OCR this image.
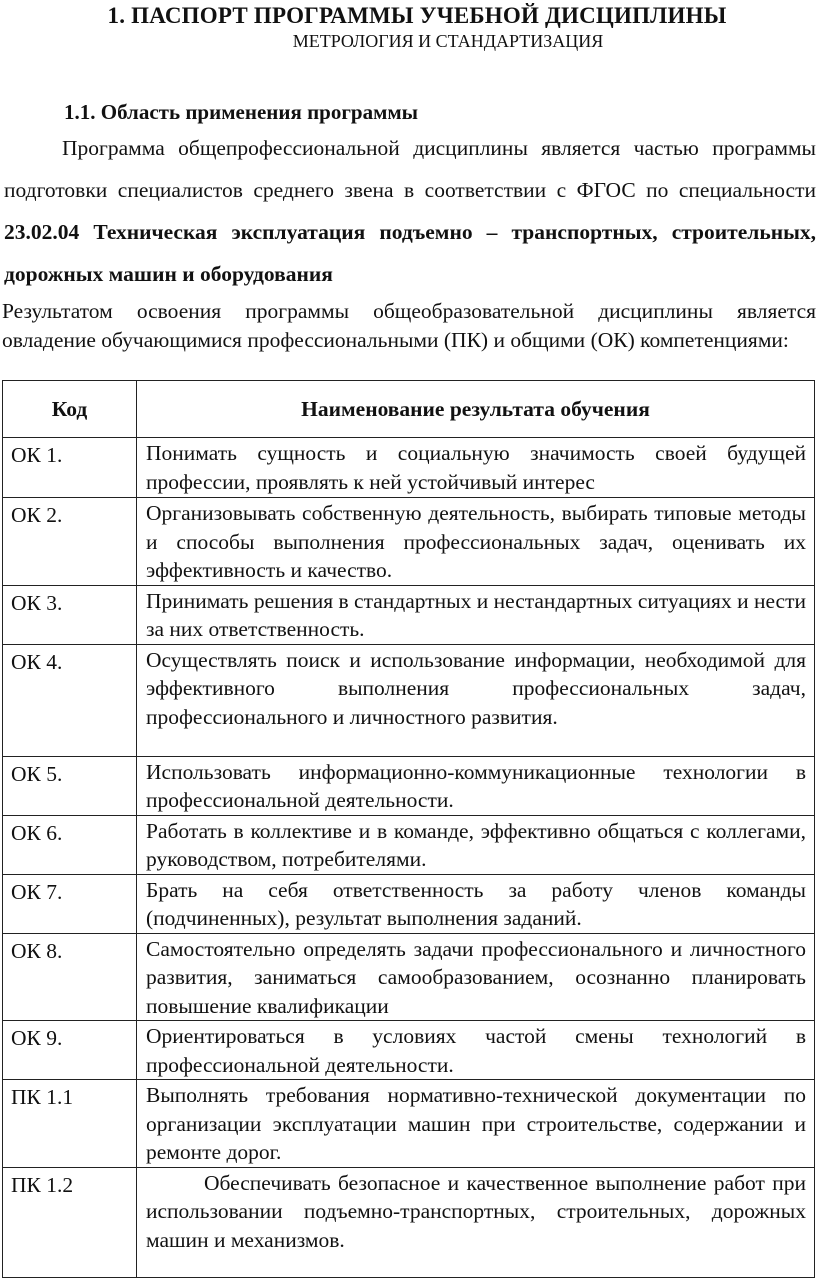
1. ПАСПОРТ ПРОГРАММЫ УЧЕБНОЙ ДИСЦИПЛИНЫ
МЕТРОЛОГИЯ И СТАНДАРТИЗАЦИЯ
1.1. Область применения программы
Программа общепрофессиональной дисциплины является частью программы подготовки специалистов среднего звена в соответствии с ФГОС по специальности 23.02.04 Техническая эксплуатация подъемно – транспортных, строительных, дорожных машин и оборудования
Результатом освоения программы общеобразовательной дисциплины является овладение обучающимися профессиональными (ПК) и общими (ОК) компетенциями:
Код	Наименование результата обучения
ОК 1.	Понимать сущность и социальную значимость своей будущей профессии, проявлять к ней устойчивый интерес
ОК 2.	Организовывать собственную деятельность, выбирать типовые методы и способы выполнения профессиональных задач, оценивать их эффективность и качество.
ОК 3.	Принимать решения в стандартных и нестандартных ситуациях и нести за них ответственность.
ОК 4.	Осуществлять поиск и использование информации, необходимой для эффективного выполнения профессиональных задач, профессионального и личностного развития.
ОК 5.	Использовать информационно-коммуникационные технологии в профессиональной деятельности.
ОК 6.	Работать в коллективе и в команде, эффективно общаться с коллегами, руководством, потребителями.
ОК 7.	Брать на себя ответственность за работу членов команды (подчиненных), результат выполнения заданий.
ОК 8.	Самостоятельно определять задачи профессионального и личностного развития, заниматься самообразованием, осознанно планировать повышение квалификации
ОК 9.	Ориентироваться в условиях частой смены технологий в профессиональной деятельности.
ПК 1.1	Выполнять требования нормативно-технической документации по организации эксплуатации машин при строительстве, содержании и ремонте дорог.
ПК 1.2	Обеспечивать безопасное и качественное выполнение работ при использовании подъемно-транспортных, строительных, дорожных машин и механизмов.
